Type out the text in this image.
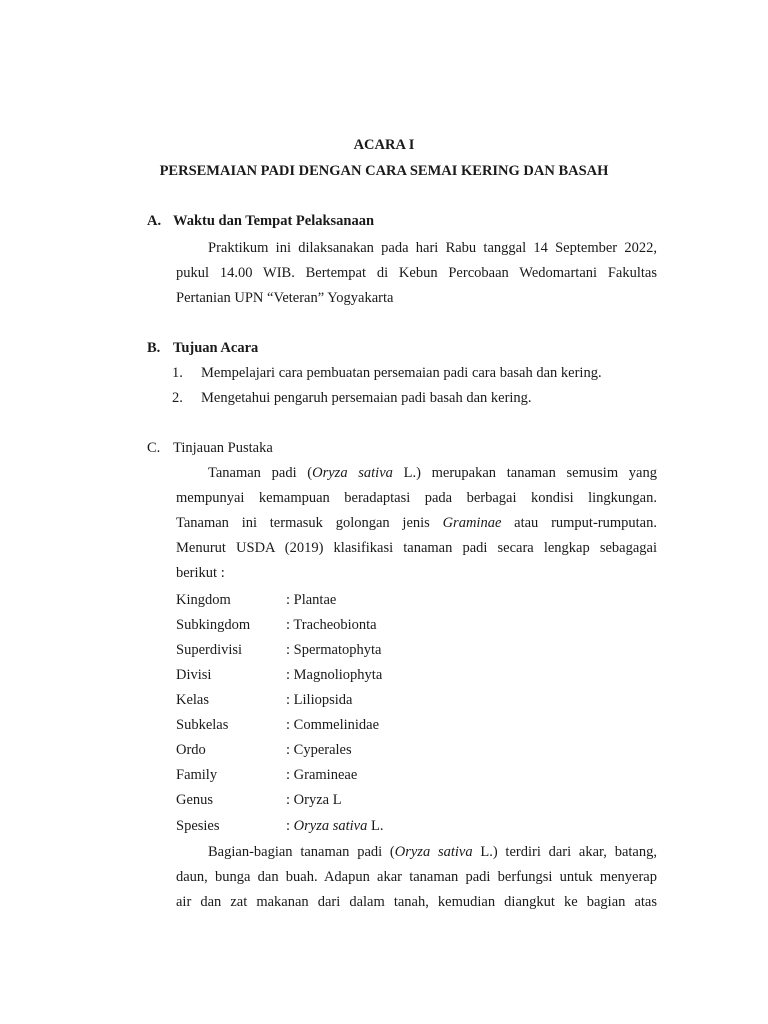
ACARA I
PERSEMAIAN PADI DENGAN CARA SEMAI KERING DAN BASAH
A. Waktu dan Tempat Pelaksanaan
Praktikum ini dilaksanakan pada hari Rabu tanggal 14 September 2022,
pukul 14.00 WIB. Bertempat di Kebun Percobaan Wedomartani Fakultas
Pertanian UPN “Veteran” Yogyakarta
B. Tujuan Acara
1. Mempelajari cara pembuatan persemaian padi cara basah dan kering.
2. Mengetahui pengaruh persemaian padi basah dan kering.
C. Tinjauan Pustaka
Tanaman padi (Oryza sativa L.) merupakan tanaman semusim yang
mempunyai kemampuan beradaptasi pada berbagai kondisi lingkungan.
Tanaman ini termasuk golongan jenis Graminae atau rumput-rumputan.
Menurut USDA (2019) klasifikasi tanaman padi secara lengkap sebagagai
berikut :
Kingdom	: Plantae
Subkingdom : Tracheobionta
Superdivisi	: Spermatophyta
Divisi	: Magnoliophyta
Kelas	: Liliopsida
Subkelas	: Commelinidae
Ordo	: Cyperales
Family	: Gramineae
Genus	: Oryza L
Spesies	: Oryza sativa L.
Bagian-bagian tanaman padi (Oryza sativa L.) terdiri dari akar, batang,
daun, bunga dan buah. Adapun akar tanaman padi berfungsi untuk menyerap
air dan zat makanan dari dalam tanah, kemudian diangkut ke bagian atas
